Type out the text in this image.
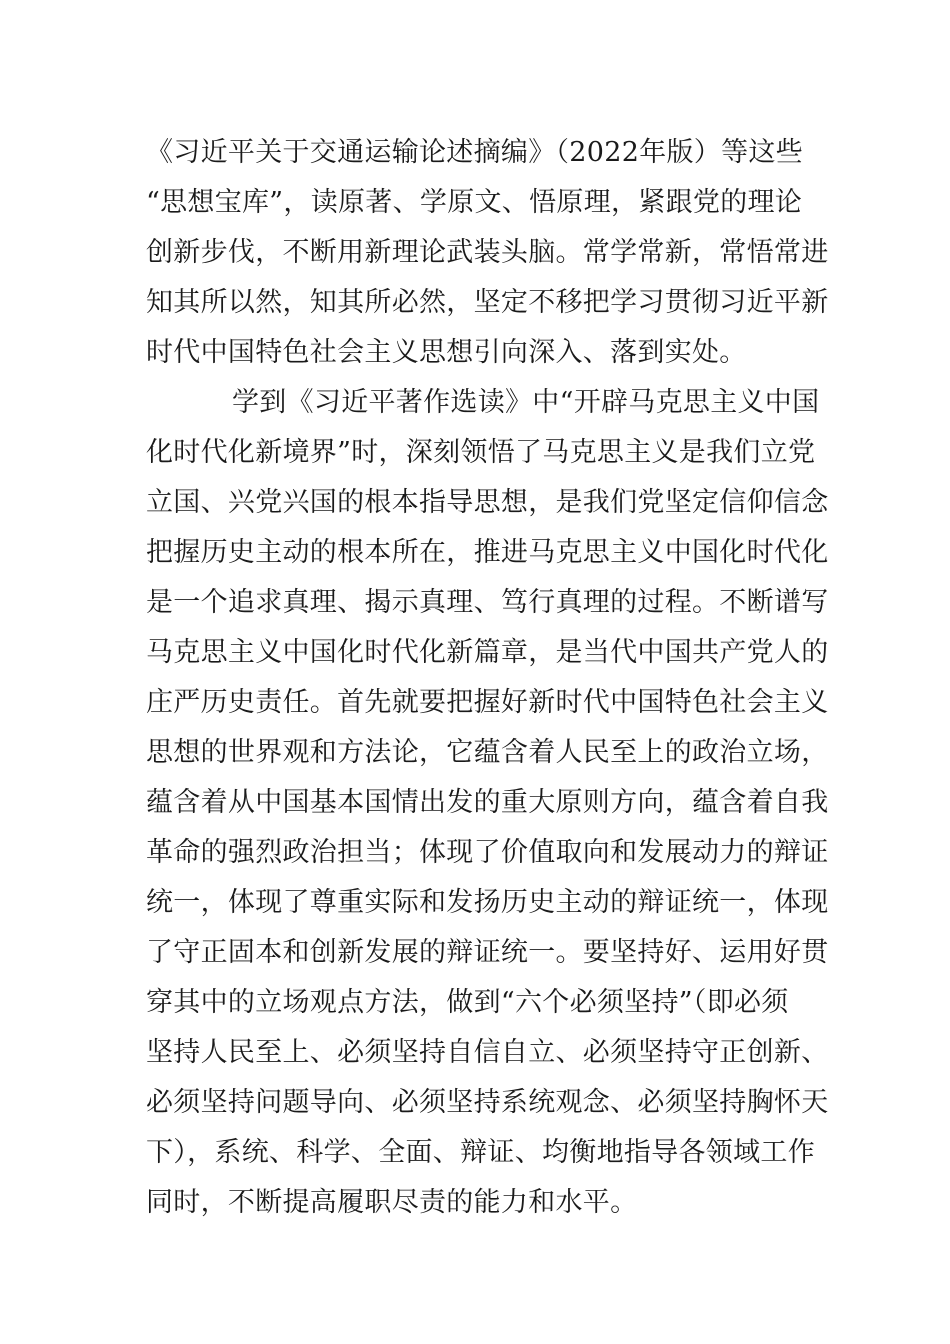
《习近平关于交通运输论述摘编》（2022年版）等这些
“思想宝库”，读原著、学原文、悟原理，紧跟党的理论
创新步伐，不断用新理论武装头脑。常学常新，常悟常进
知其所以然，知其所必然，坚定不移把学习贯彻习近平新
时代中国特色社会主义思想引向深入、落到实处。
学到《习近平著作选读》中“开辟马克思主义中国
化时代化新境界”时，深刻领悟了马克思主义是我们立党
立国、兴党兴国的根本指导思想，是我们党坚定信仰信念
把握历史主动的根本所在，推进马克思主义中国化时代化
是一个追求真理、揭示真理、笃行真理的过程。不断谱写
马克思主义中国化时代化新篇章，是当代中国共产党人的
庄严历史责任。首先就要把握好新时代中国特色社会主义
思想的世界观和方法论，它蕴含着人民至上的政治立场，
蕴含着从中国基本国情出发的重大原则方向，蕴含着自我
革命的强烈政治担当；体现了价值取向和发展动力的辩证
统一，体现了尊重实际和发扬历史主动的辩证统一，体现
了守正固本和创新发展的辩证统一。要坚持好、运用好贯
穿其中的立场观点方法，做到“六个必须坚持”（即必须
坚持人民至上、必须坚持自信自立、必须坚持守正创新、
必须坚持问题导向、必须坚持系统观念、必须坚持胸怀天
下），系统、科学、全面、辩证、均衡地指导各领域工作
同时，不断提高履职尽责的能力和水平。
